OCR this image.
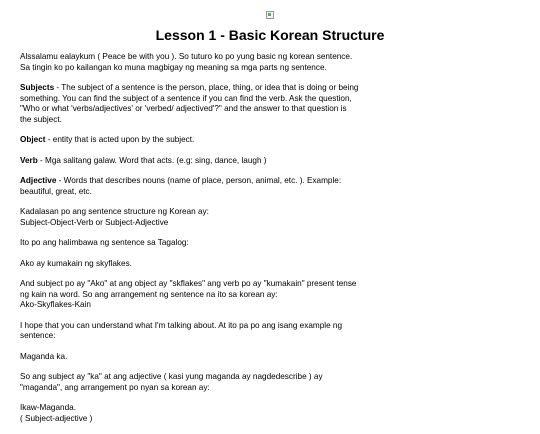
Lesson 1 - Basic Korean Structure

Alssalamu ealaykum ( Peace be with you ). So tuturo ko po yung basic ng korean sentence. Sa tingin ko po kailangan ko muna magbigay ng meaning sa mga parts ng sentence.

Subjects - The subject of a sentence is the person, place, thing, or idea that is doing or being something. You can find the subject of a sentence if you can find the verb. Ask the question, "Who or what 'verbs/adjectives' or 'verbed/ adjectived'?" and the answer to that question is the subject.

Object - entity that is acted upon by the subject.

Verb - Mga salitang galaw. Word that acts. (e.g: sing, dance, laugh )

Adjective - Words that describes nouns (name of place, person, animal, etc. ). Example: beautiful, great, etc.

Kadalasan po ang sentence structure ng Korean ay:
Subject-Object-Verb or Subject-Adjective

Ito po ang halimbawa ng sentence sa Tagalog:

Ako ay kumakain ng skyflakes.

And subject po ay "Ako" at ang object ay "skflakes" ang verb po ay "kumakain" present tense ng kain na word. So ang arrangement ng sentence na ito sa korean ay:
Ako-Skyflakes-Kain

I hope that you can understand what I'm talking about. At ito pa po ang isang example ng sentence:

Maganda ka.

So ang subject ay "ka" at ang adjective ( kasi yung maganda ay nagdedescribe ) ay "maganda", ang arrangement po nyan sa korean ay:

Ikaw-Maganda.
( Subject-adjective )
